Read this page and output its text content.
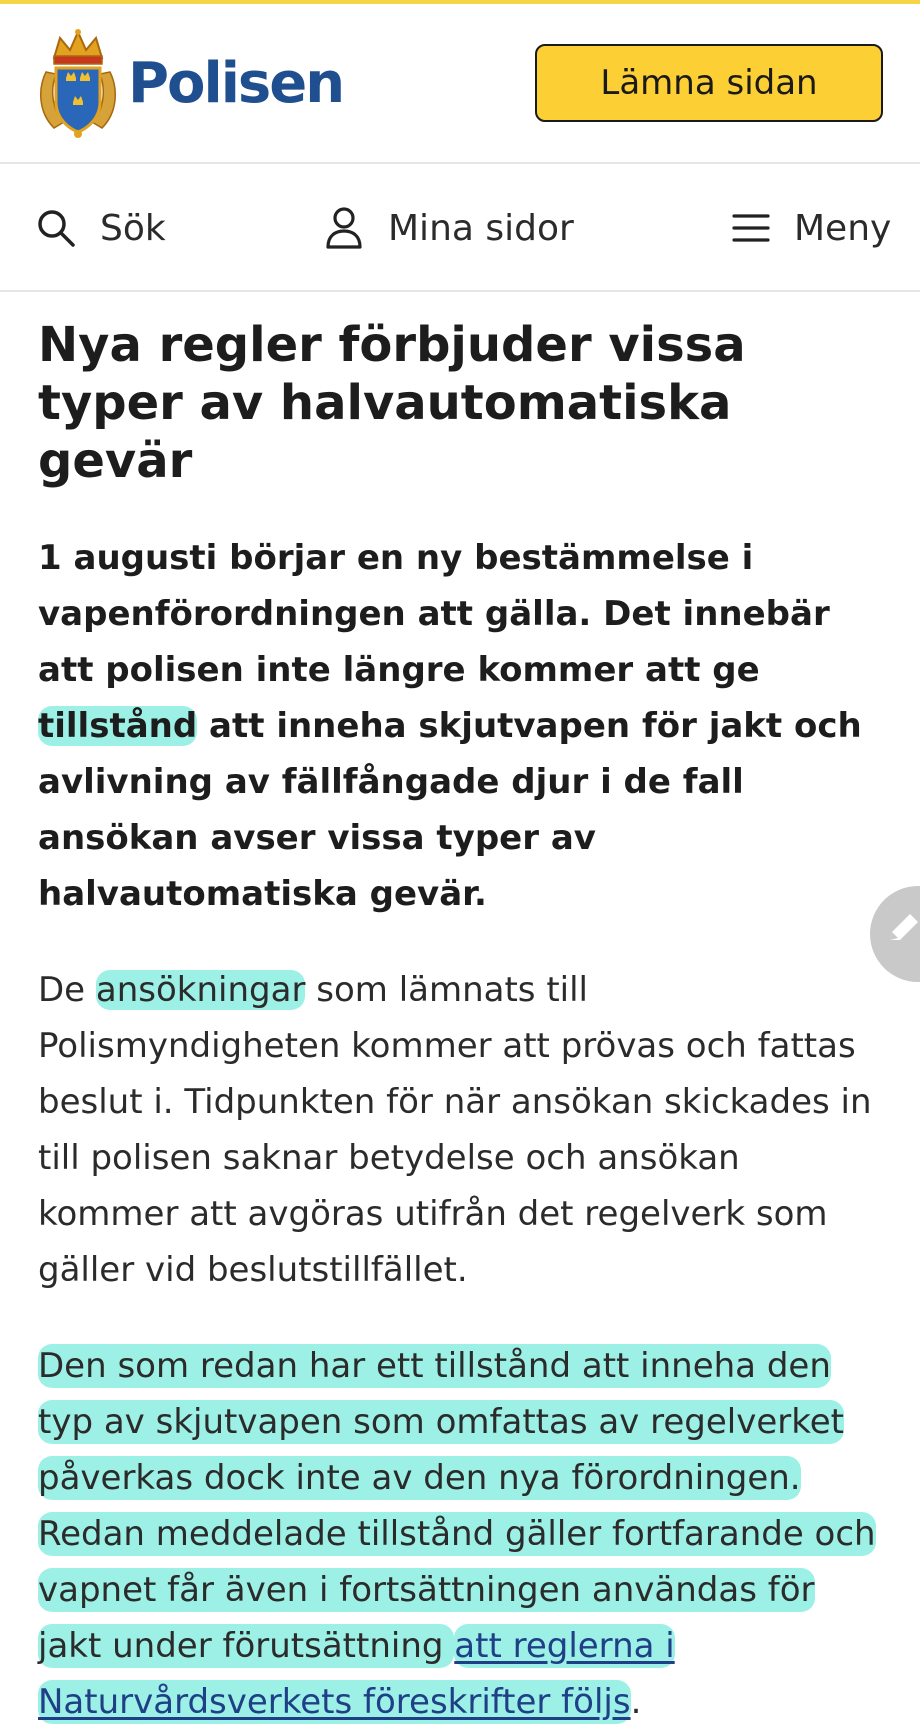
Polisen	Lämna sidan
Sök	Mina sidor	Meny
Nya regler förbjuder vissa typer av halvautomatiska gevär

1 augusti börjar en ny bestämmelse i vapenförordningen att gälla. Det innebär att polisen inte längre kommer att ge tillstånd att inneha skjutvapen för jakt och avlivning av fällfångade djur i de fall ansökan avser vissa typer av halvautomatiska gevär.

De ansökningar som lämnats till Polismyndigheten kommer att prövas och fattas beslut i. Tidpunkten för när ansökan skickades in till polisen saknar betydelse och ansökan kommer att avgöras utifrån det regelverk som gäller vid beslutstillfället.

Den som redan har ett tillstånd att inneha den typ av skjutvapen som omfattas av regelverket påverkas dock inte av den nya förordningen. Redan meddelade tillstånd gäller fortfarande och vapnet får även i fortsättningen användas för jakt under förutsättning att reglerna i Naturvårdsverkets föreskrifter följs.
